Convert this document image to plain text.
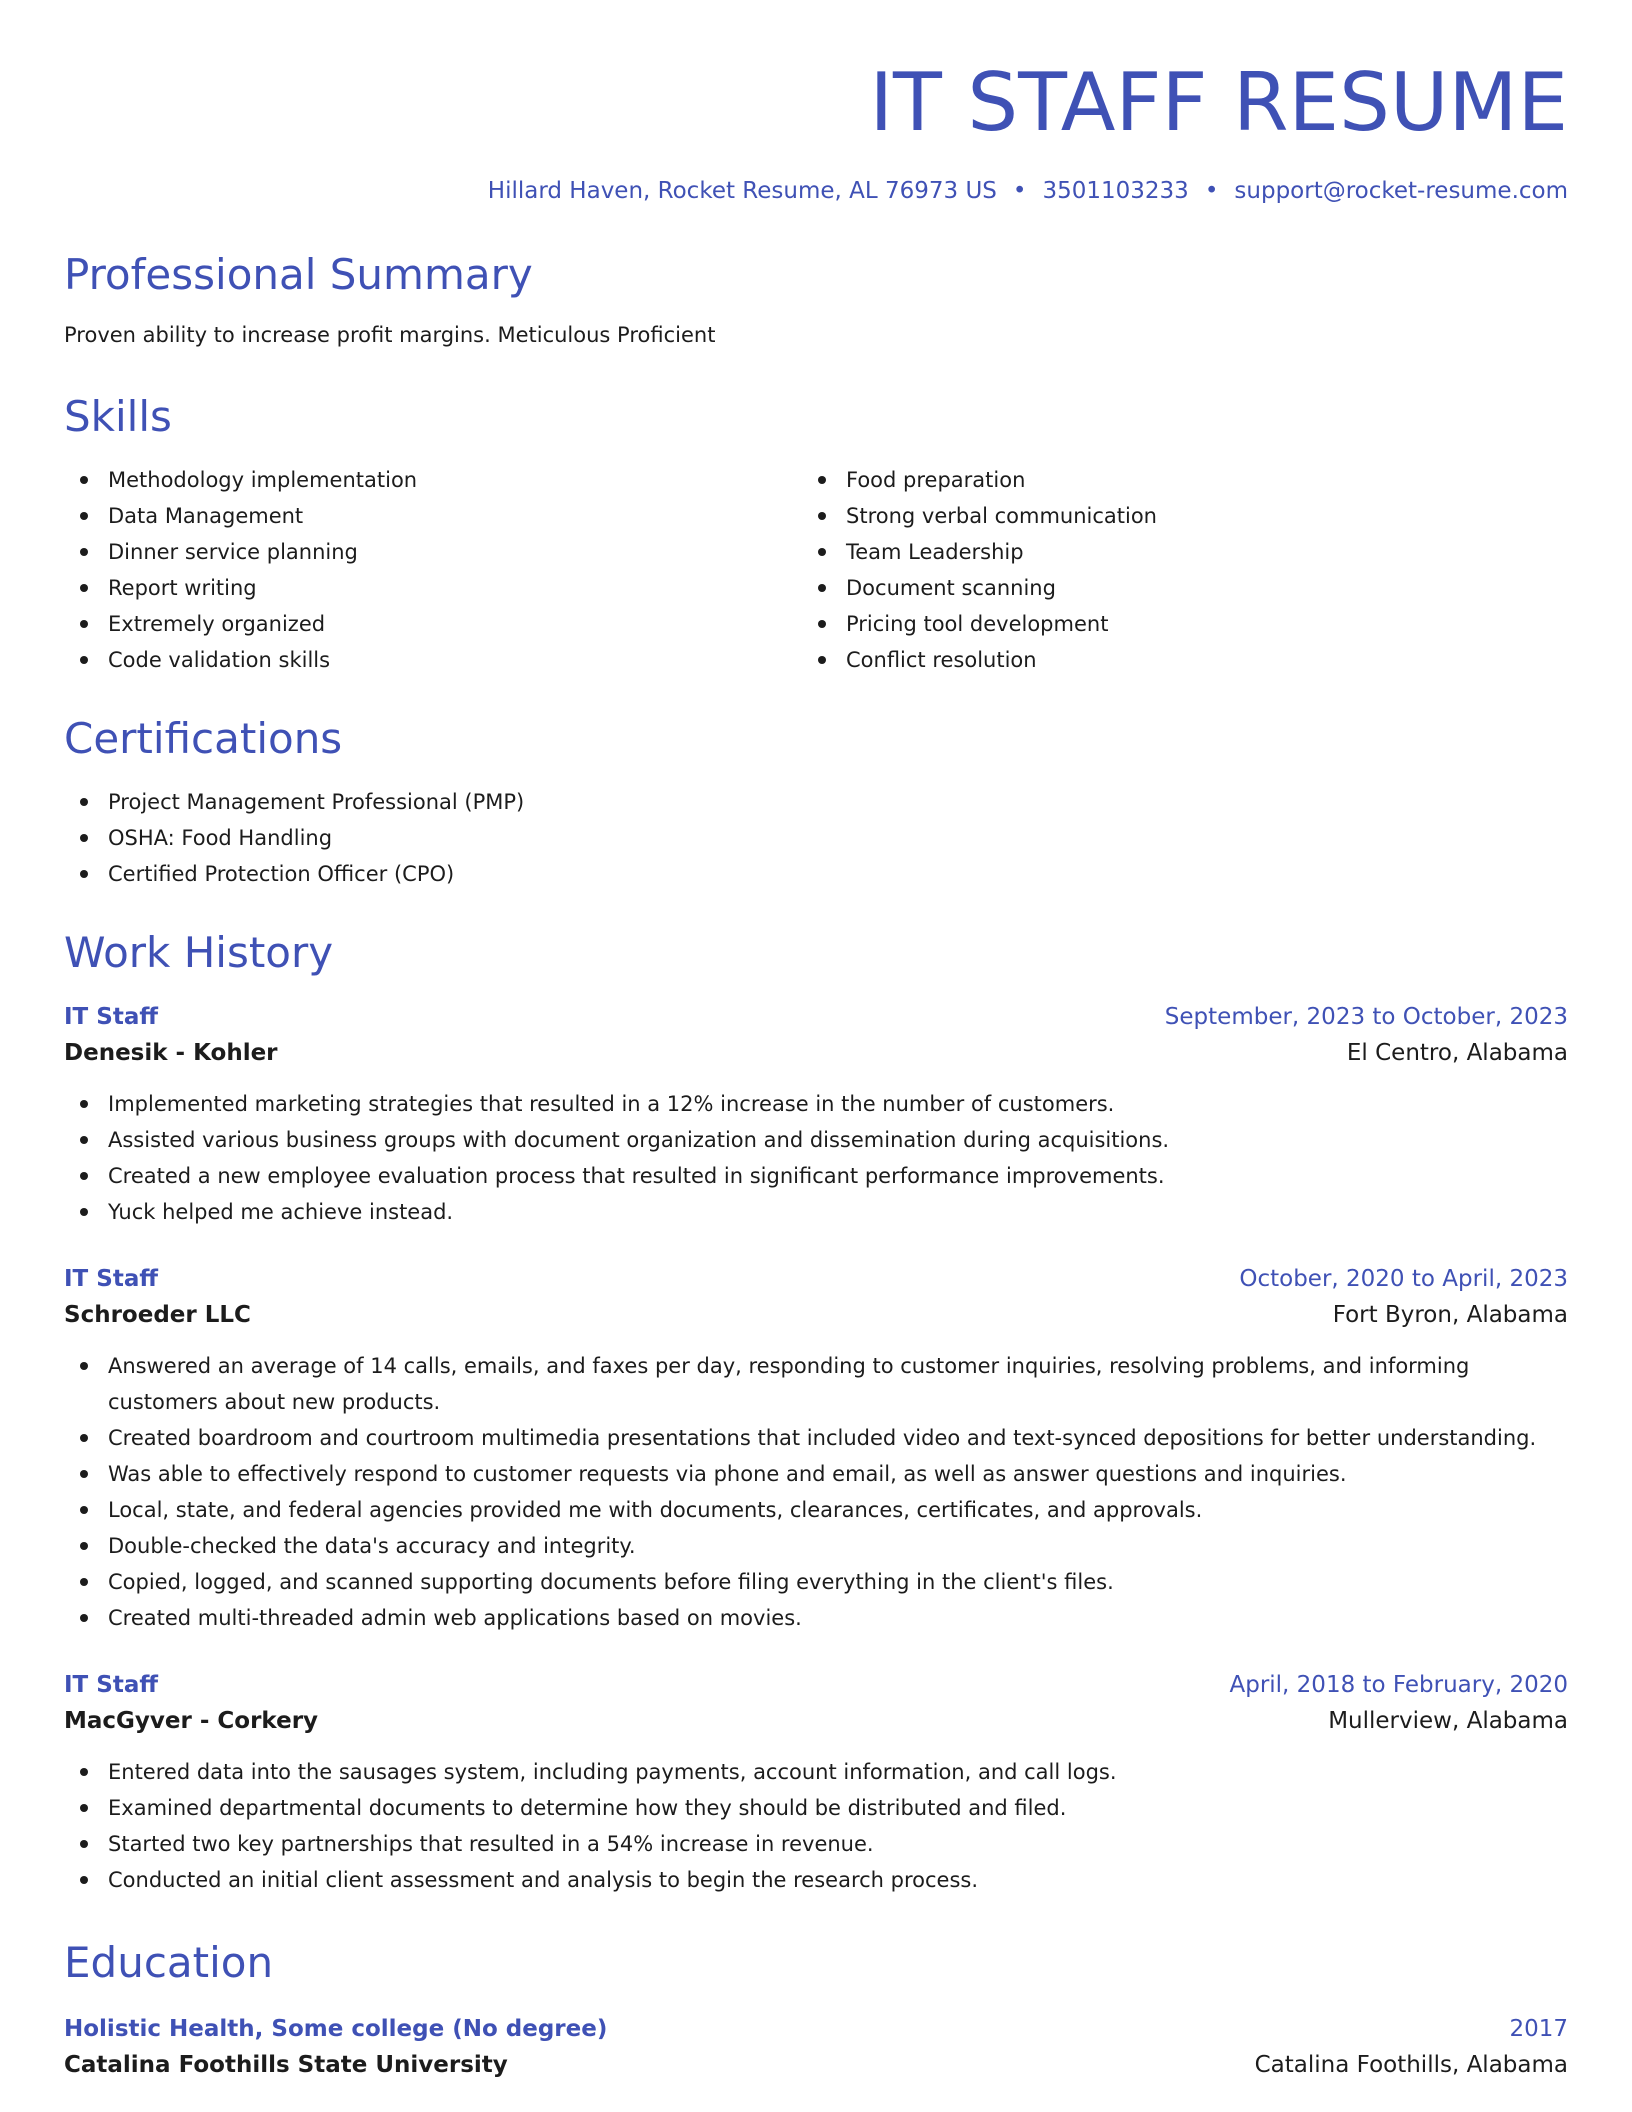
IT STAFF RESUME
Hillard Haven, Rocket Resume, AL 76973 US • 3501103233 • support@rocket-resume.com
Professional Summary

Proven ability to increase profit margins. Meticulous Proficient

Skills
Methodology implementation
Data Management
Dinner service planning
Report writing
Extremely organized
Code validation skills
Food preparation
Strong verbal communication
Team Leadership
Document scanning
Pricing tool development
Conflict resolution
Certifications
Project Management Professional (PMP)
OSHA: Food Handling
Certified Protection Officer (CPO)
Work History
IT Staff	September, 2023 to October, 2023
Denesik - Kohler	El Centro, Alabama
Implemented marketing strategies that resulted in a 12% increase in the number of customers.
Assisted various business groups with document organization and dissemination during acquisitions.
Created a new employee evaluation process that resulted in significant performance improvements.
Yuck helped me achieve instead.
IT Staff	October, 2020 to April, 2023
Schroeder LLC	Fort Byron, Alabama
Answered an average of 14 calls, emails, and faxes per day, responding to customer inquiries, resolving problems, and informing customers about new products.
Created boardroom and courtroom multimedia presentations that included video and text-synced depositions for better understanding.
Was able to effectively respond to customer requests via phone and email, as well as answer questions and inquiries.
Local, state, and federal agencies provided me with documents, clearances, certificates, and approvals.
Double-checked the data's accuracy and integrity.
Copied, logged, and scanned supporting documents before filing everything in the client's files.
Created multi-threaded admin web applications based on movies.
IT Staff	April, 2018 to February, 2020
MacGyver - Corkery	Mullerview, Alabama
Entered data into the sausages system, including payments, account information, and call logs.
Examined departmental documents to determine how they should be distributed and filed.
Started two key partnerships that resulted in a 54% increase in revenue.
Conducted an initial client assessment and analysis to begin the research process.
Education
Holistic Health, Some college (No degree)	2017
Catalina Foothills State University	Catalina Foothills, Alabama
